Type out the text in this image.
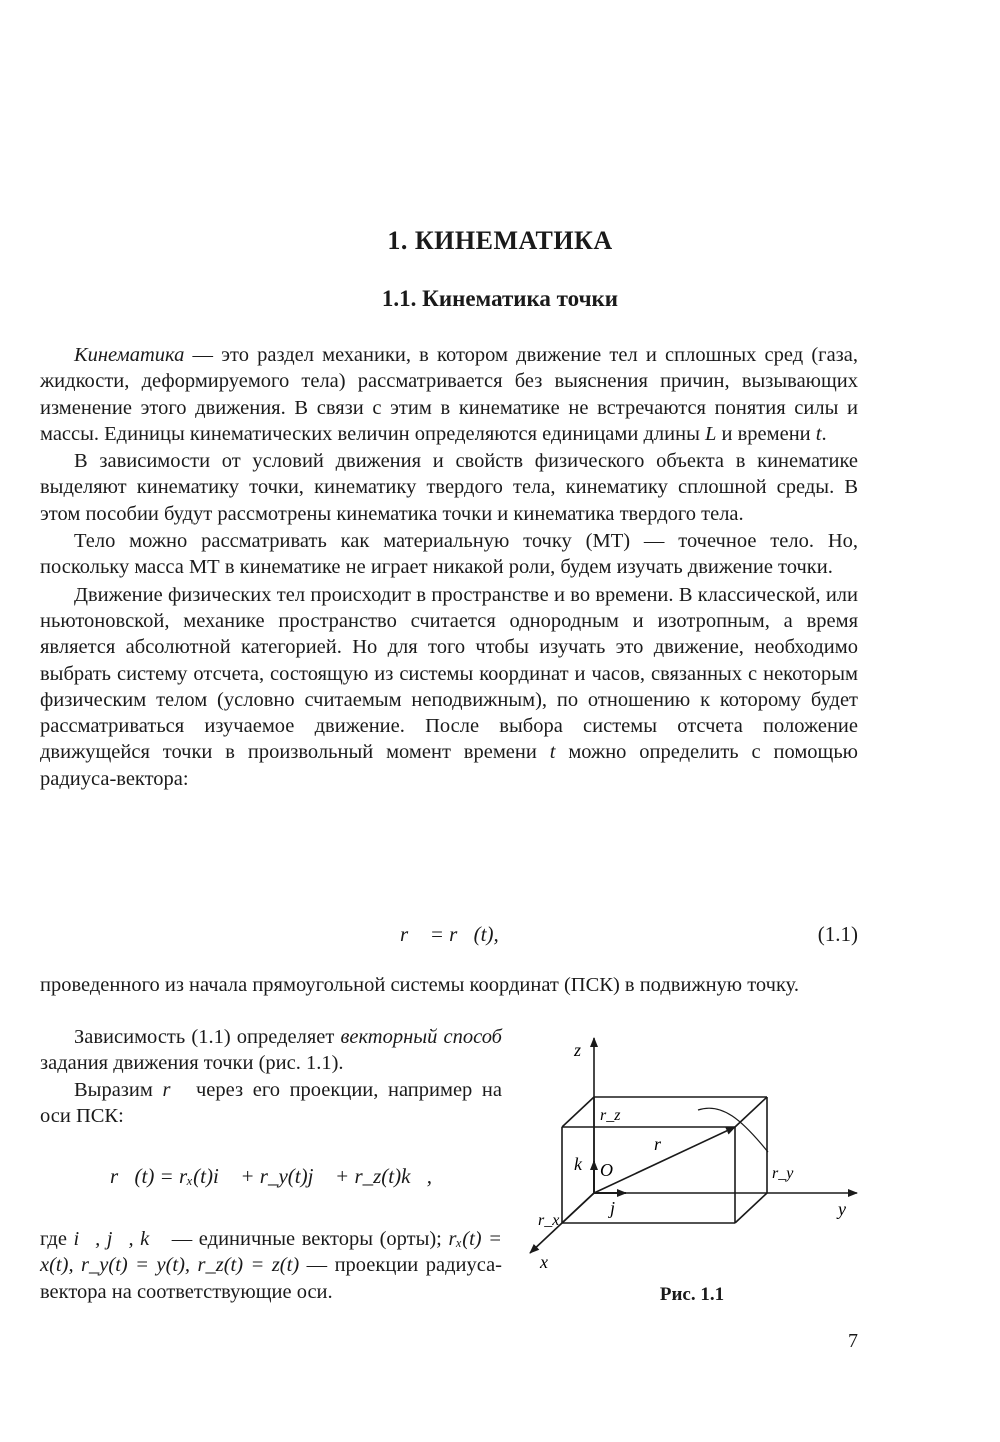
1. КИНЕМАТИКА
1.1. Кинематика точки

Кинематика — это раздел механики, в котором движение тел и сплошных сред (газа, жидкости, деформируемого тела) рассматривается без выяснения причин, вызывающих изменение этого движения. В связи с этим в кинематике не встречаются понятия силы и массы. Единицы кинематических величин определяются единицами длины L и времени t.

В зависимости от условий движения и свойств физического объекта в кинематике выделяют кинематику точки, кинематику твердого тела, кинематику сплошной среды. В этом пособии будут рассмотрены кинематика точки и кинематика твердого тела.

Тело можно рассматривать как материальную точку (МТ) — точечное тело. Но, поскольку масса МТ в кинематике не играет никакой роли, будем изучать движение точки.

Движение физических тел происходит в пространстве и во времени. В классической, или ньютоновской, механике пространство считается однородным и изотропным, а время является абсолютной категорией. Но для того чтобы изучать это движение, необходимо выбрать систему отсчета, состоящую из системы координат и часов, связанных с некоторым физическим телом (условно считаемым неподвижным), по отношению к которому будет рассматриваться изучаемое движение. После выбора системы отсчета положение движущейся точки в произвольный момент времени t можно определить с помощью радиуса-вектора:

r⃗ = r⃗(t),	(1.1)

проведенного из начала прямоугольной системы координат (ПСК) в подвижную точку.

Зависимость (1.1) определяет векторный способ задания движения точки (рис. 1.1).

Выразим r⃗ через его проекции, например на оси ПСК:

r⃗(t) = rₓ(t)i⃗ + r_y(t)j⃗ + r_z(t)k⃗,

где i⃗, j⃗, k⃗ — единичные векторы (орты); rₓ(t) = x(t), r_y(t) = y(t), r_z(t) = z(t) — проекции радиуса-вектора на соответствующие оси.

z
y
x
O
k
j⃗
r⃗
r_z
r_y
r_x
Рис. 1.1
7
